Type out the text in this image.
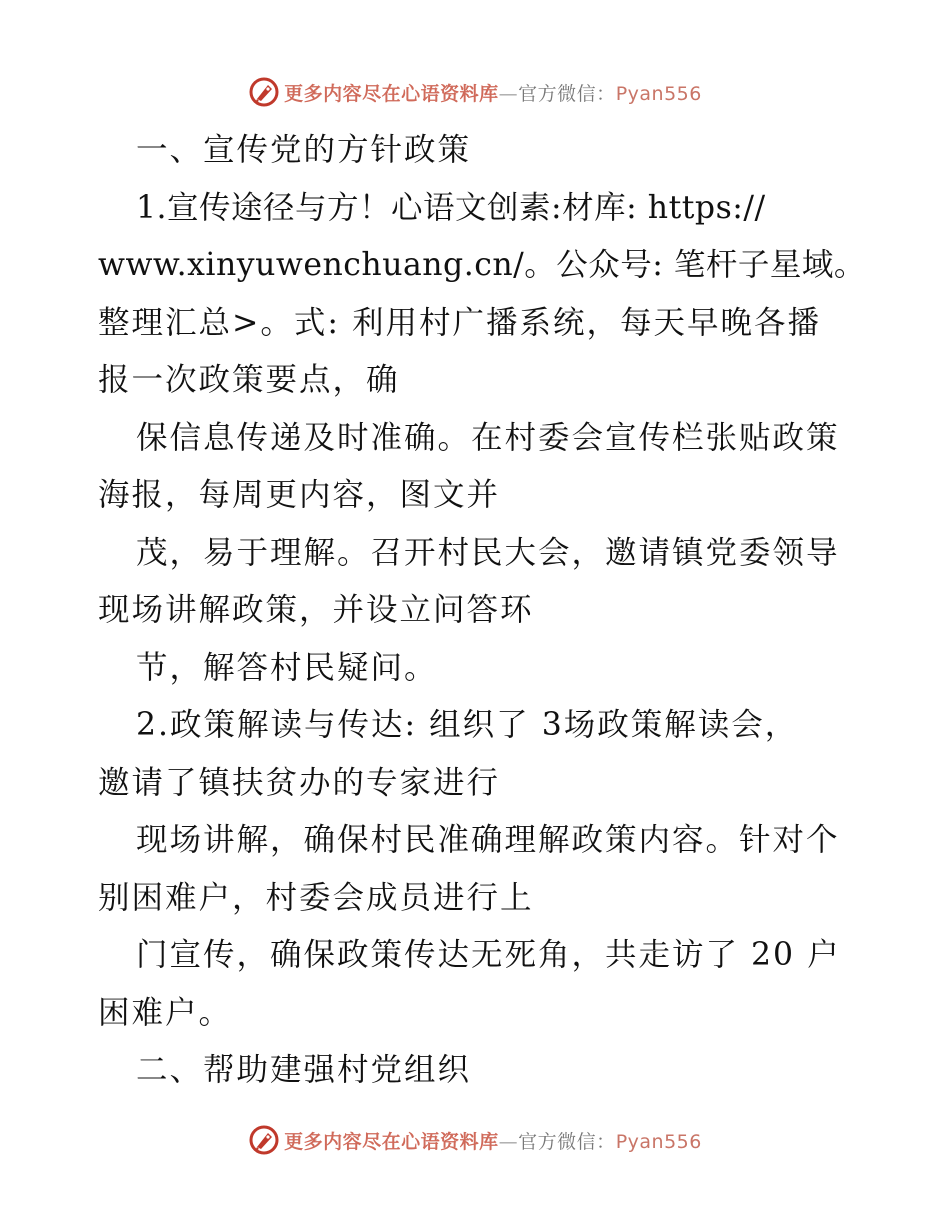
更多内容尽在心语资料库—官方微信：Pyan556
一、宣传党的方针政策
1.宣传途径与方！心语文创素:材库: https://
www.xinyuwenchuang.cn/。公众号: 笔杆子星域。
整理汇总>。式: 利用村广播系统，每天早晚各播
报一次政策要点，确
保信息传递及时准确。在村委会宣传栏张贴政策
海报，每周更内容，图文并
茂，易于理解。召开村民大会，邀请镇党委领导
现场讲解政策，并设立问答环
节，解答村民疑问。
2.政策解读与传达: 组织了 3场政策解读会，
邀请了镇扶贫办的专家进行
现场讲解，确保村民准确理解政策内容。针对个
别困难户，村委会成员进行上
门宣传，确保政策传达无死角，共走访了 20 户
困难户。
二、帮助建强村党组织
更多内容尽在心语资料库—官方微信：Pyan556
